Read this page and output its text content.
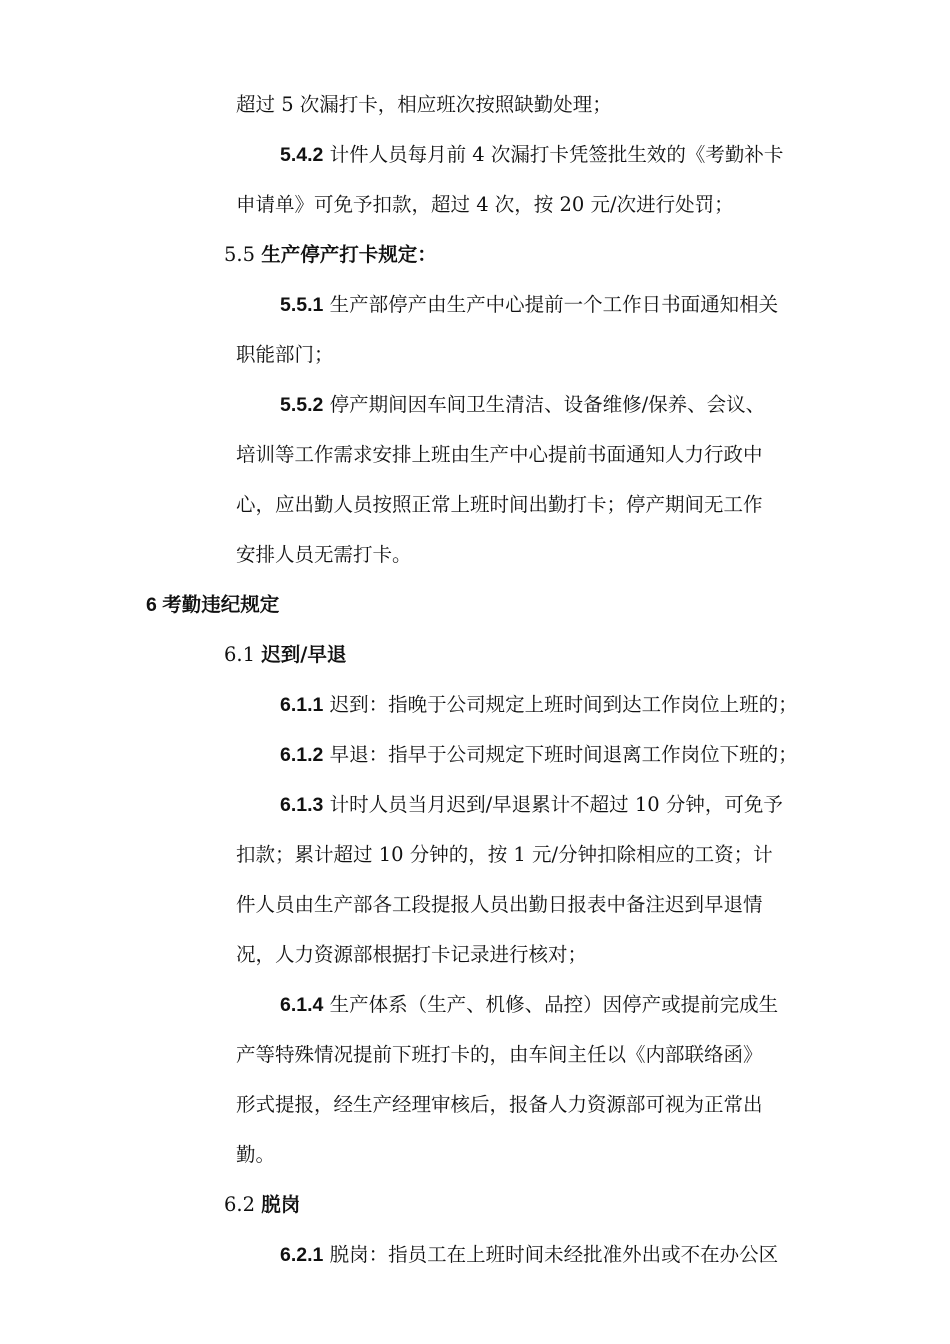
超过 5 次漏打卡，相应班次按照缺勤处理；
5.4.2 计件人员每月前 4 次漏打卡凭签批生效的《考勤补卡
申请单》可免予扣款，超过 4 次，按 20 元/次进行处罚；
5.5 生产停产打卡规定：
5.5.1 生产部停产由生产中心提前一个工作日书面通知相关
职能部门；
5.5.2 停产期间因车间卫生清洁、设备维修/保养、会议、
培训等工作需求安排上班由生产中心提前书面通知人力行政中
心，应出勤人员按照正常上班时间出勤打卡；停产期间无工作
安排人员无需打卡。
6 考勤违纪规定
6.1 迟到/早退
6.1.1 迟到：指晚于公司规定上班时间到达工作岗位上班的；
6.1.2 早退：指早于公司规定下班时间退离工作岗位下班的；
6.1.3 计时人员当月迟到/早退累计不超过 10 分钟，可免予
扣款；累计超过 10 分钟的，按 1 元/分钟扣除相应的工资；计
件人员由生产部各工段提报人员出勤日报表中备注迟到早退情
况，人力资源部根据打卡记录进行核对；
6.1.4 生产体系（生产、机修、品控）因停产或提前完成生
产等特殊情况提前下班打卡的，由车间主任以《内部联络函》
形式提报，经生产经理审核后，报备人力资源部可视为正常出
勤。
6.2 脱岗
6.2.1 脱岗：指员工在上班时间未经批准外出或不在办公区
